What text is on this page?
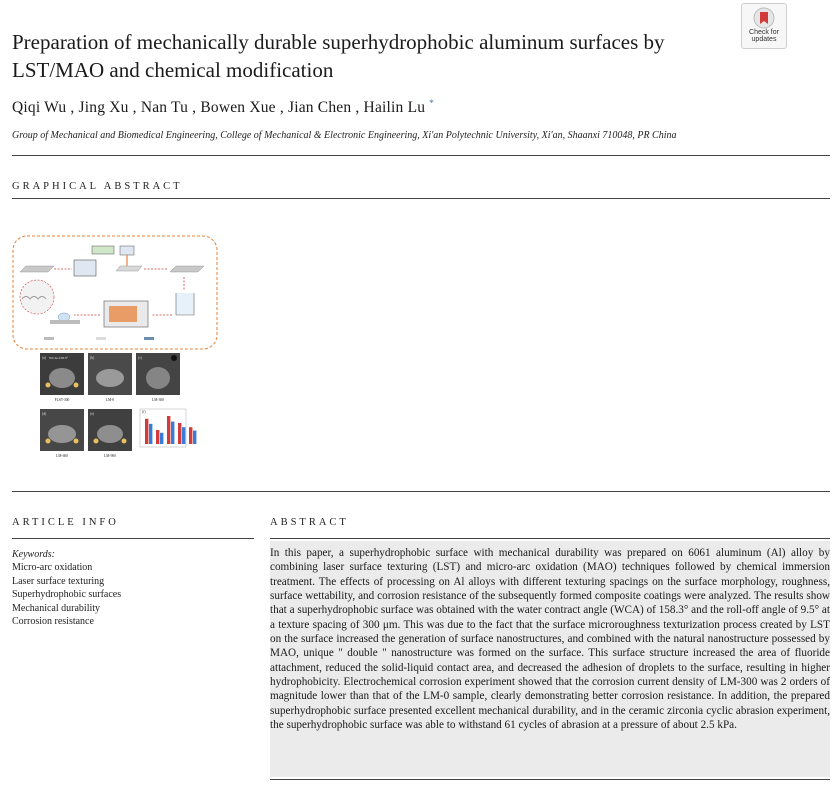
Preparation of mechanically durable superhydrophobic aluminum surfaces by LST/MAO and chemical modification
Check for
updates
Qiqi Wu , Jing Xu , Nan Tu , Bowen Xue , Jian Chen , Hailin Lu *
Group of Mechanical and Biomedical Engineering, College of Mechanical & Electronic Engineering, Xi'an Polytechnic University, Xi'an, Shaanxi 710048, PR China
GRAPHICAL ABSTRACT
(a)	(b)	(c)
(d)	(e)	(f)
WCA=158.3°
FLST-300	LM-0	LM-300
LM-600	LM-900
ARTICLE INFO
Keywords:
Micro-arc oxidation
Laser surface texturing
Superhydrophobic surfaces
Mechanical durability
Corrosion resistance
ABSTRACT

In this paper, a superhydrophobic surface with mechanical durability was prepared on 6061 aluminum (Al) alloy by combining laser surface texturing (LST) and micro-arc oxidation (MAO) techniques followed by chemical immersion treatment. The effects of processing on Al alloys with different texturing spacings on the surface morphology, roughness, surface wettability, and corrosion resistance of the subsequently formed composite coatings were analyzed. The results show that a superhydrophobic surface was obtained with the water contract angle (WCA) of 158.3° and the roll-off angle of 9.5° at a texture spacing of 300 μm. This was due to the fact that the surface microroughness texturization process created by LST on the surface increased the generation of surface nanostructures, and combined with the natural nanostructure possessed by MAO, unique " double " nanostructure was formed on the surface. This surface structure increased the area of fluoride attachment, reduced the solid-liquid contact area, and decreased the adhesion of droplets to the surface, resulting in higher hydrophobicity. Electrochemical corrosion experiment showed that the corrosion current density of LM-300 was 2 orders of magnitude lower than that of the LM-0 sample, clearly demonstrating better corrosion resistance. In addition, the prepared superhydrophobic surface presented excellent mechanical durability, and in the ceramic zirconia cyclic abrasion experiment, the superhydrophobic surface was able to withstand 61 cycles of abrasion at a pressure of about 2.5 kPa.
